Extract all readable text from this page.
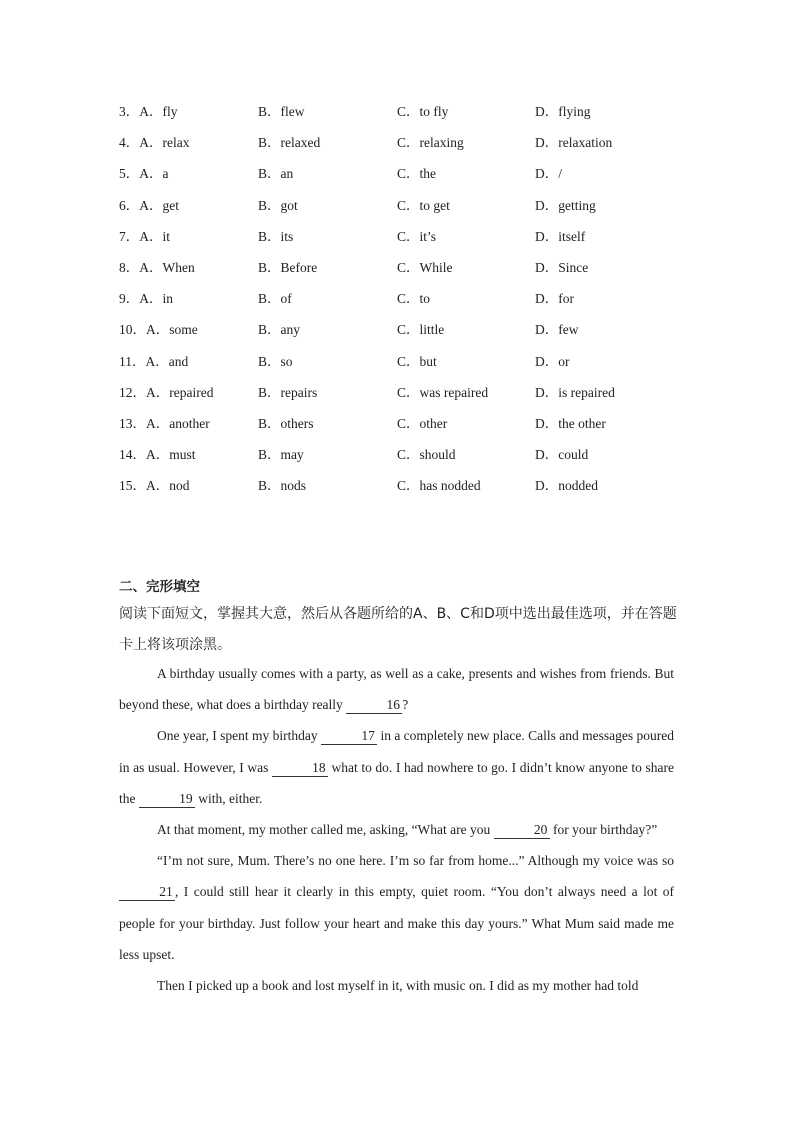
3．A．fly	B．flew	C．to fly	D．flying
4．A．relax	B．relaxed	C．relaxing	D．relaxation
5．A．a	B．an	C．the	D．/
6．A．get	B．got	C．to get	D．getting
7．A．it	B．its	C．it’s	D．itself
8．A．When	B．Before	C．While	D．Since
9．A．in	B．of	C．to	D．for
10．A．some	B．any	C．little	D．few
11．A．and	B．so	C．but	D．or
12．A．repaired	B．repairs	C．was repaired	D．is repaired
13．A．another	B．others	C．other	D．the other
14．A．must	B．may	C．should	D．could
15．A．nod	B．nods	C．has nodded	D．nodded
二、完形填空
阅读下面短文，掌握其大意，然后从各题所给的A、B、C和D项中选出最佳选项，并在答题卡上将该项涂黑。

A birthday usually comes with a party, as well as a cake, presents and wishes from friends. But beyond these, what does a birthday really	16 ?

One year, I spent my birthday	17 in a completely new place. Calls and messages poured in as usual. However, I was	18 what to do. I had nowhere to go. I didn’t know anyone to share the	19 with, either.

At that moment, my mother called me, asking, “What are you	20 for your birthday?”

“I’m not sure, Mum. There’s no one here. I’m so far from home...” Although my voice was so 21 , I could still hear it clearly in this empty, quiet room. “You don’t always need a lot of people for your birthday. Just follow your heart and make this day yours.” What Mum said made me less upset.

Then I picked up a book and lost myself in it, with music on. I did as my mother had told
